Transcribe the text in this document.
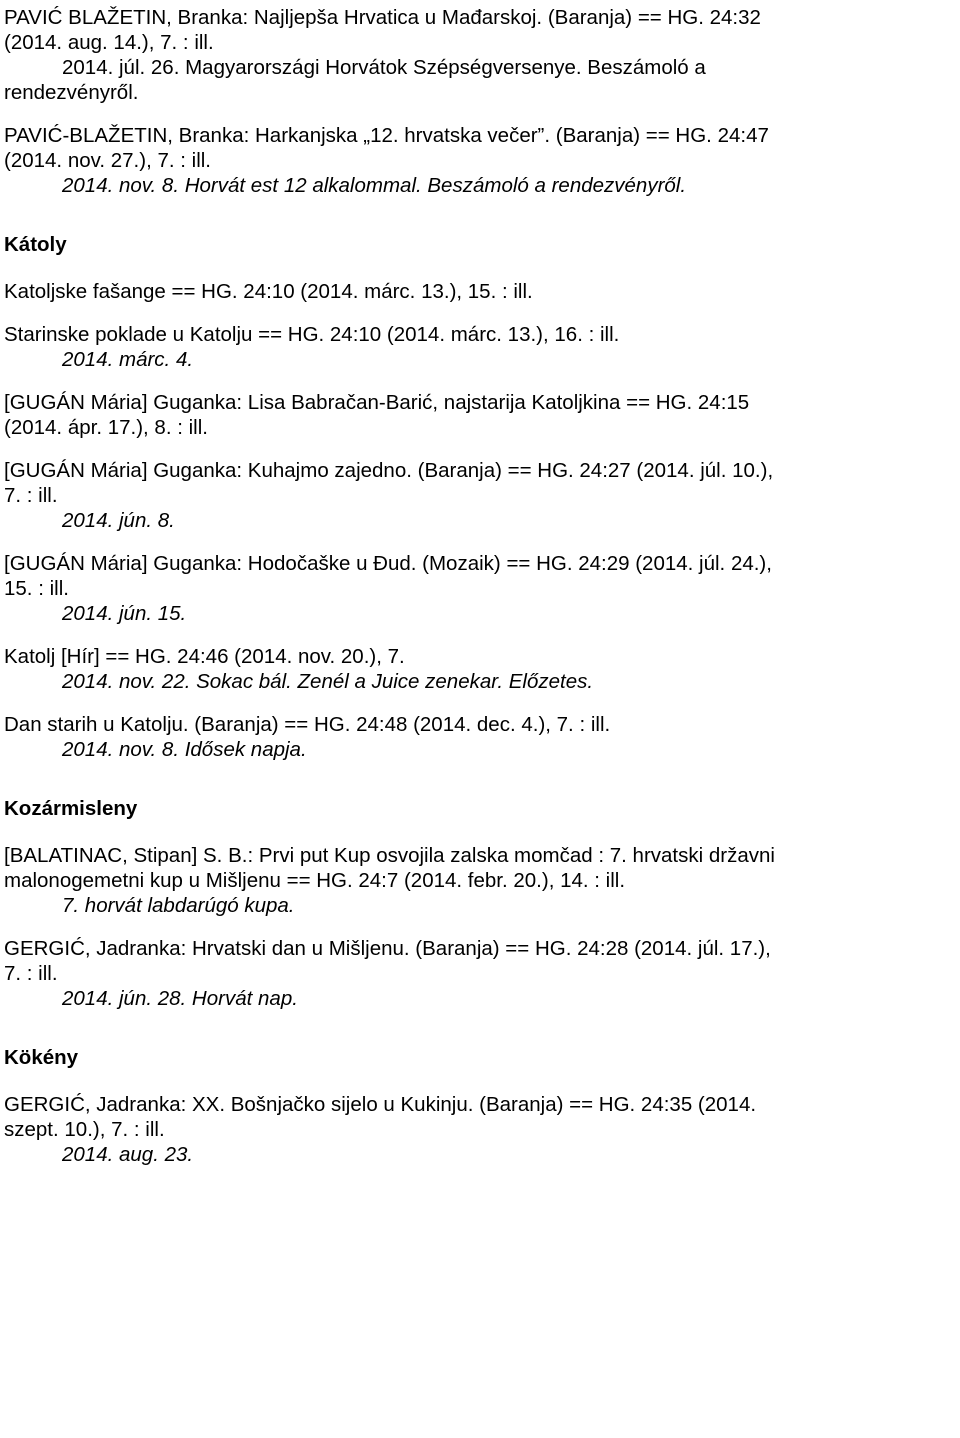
PAVIĆ BLAŽETIN, Branka: Najljepša Hrvatica u Mađarskoj. (Baranja) == HG. 24:32
(2014. aug. 14.), 7. : ill.
2014. júl. 26. Magyarországi Horvátok Szépségversenye. Beszámoló a
rendezvényről.
PAVIĆ-BLAŽETIN, Branka: Harkanjska „12. hrvatska večer”. (Baranja) == HG. 24:47
(2014. nov. 27.), 7. : ill.
2014. nov. 8. Horvát est 12 alkalommal. Beszámoló a rendezvényről.
Kátoly
Katoljske fašange == HG. 24:10 (2014. márc. 13.), 15. : ill.
Starinske poklade u Katolju == HG. 24:10 (2014. márc. 13.), 16. : ill.
2014. márc. 4.
[GUGÁN Mária] Guganka: Lisa Babračan-Barić, najstarija Katoljkina == HG. 24:15
(2014. ápr. 17.), 8. : ill.
[GUGÁN Mária] Guganka: Kuhajmo zajedno. (Baranja) == HG. 24:27 (2014. júl. 10.),
7. : ill.
2014. jún. 8.
[GUGÁN Mária] Guganka: Hodočaške u Đud. (Mozaik) == HG. 24:29 (2014. júl. 24.),
15. : ill.
2014. jún. 15.
Katolj [Hír] == HG. 24:46 (2014. nov. 20.), 7.
2014. nov. 22. Sokac bál. Zenél a Juice zenekar. Előzetes.
Dan starih u Katolju. (Baranja) == HG. 24:48 (2014. dec. 4.), 7. : ill.
2014. nov. 8. Idősek napja.
Kozármisleny
[BALATINAC, Stipan] S. B.: Prvi put Kup osvojila zalska momčad : 7. hrvatski državni
malonogemetni kup u Mišljenu == HG. 24:7 (2014. febr. 20.), 14. : ill.
7. horvát labdarúgó kupa.
GERGIĆ, Jadranka: Hrvatski dan u Mišljenu. (Baranja) == HG. 24:28 (2014. júl. 17.),
7. : ill.
2014. jún. 28. Horvát nap.
Kökény
GERGIĆ, Jadranka: XX. Bošnjačko sijelo u Kukinju. (Baranja) == HG. 24:35 (2014.
szept. 10.), 7. : ill.
2014. aug. 23.
